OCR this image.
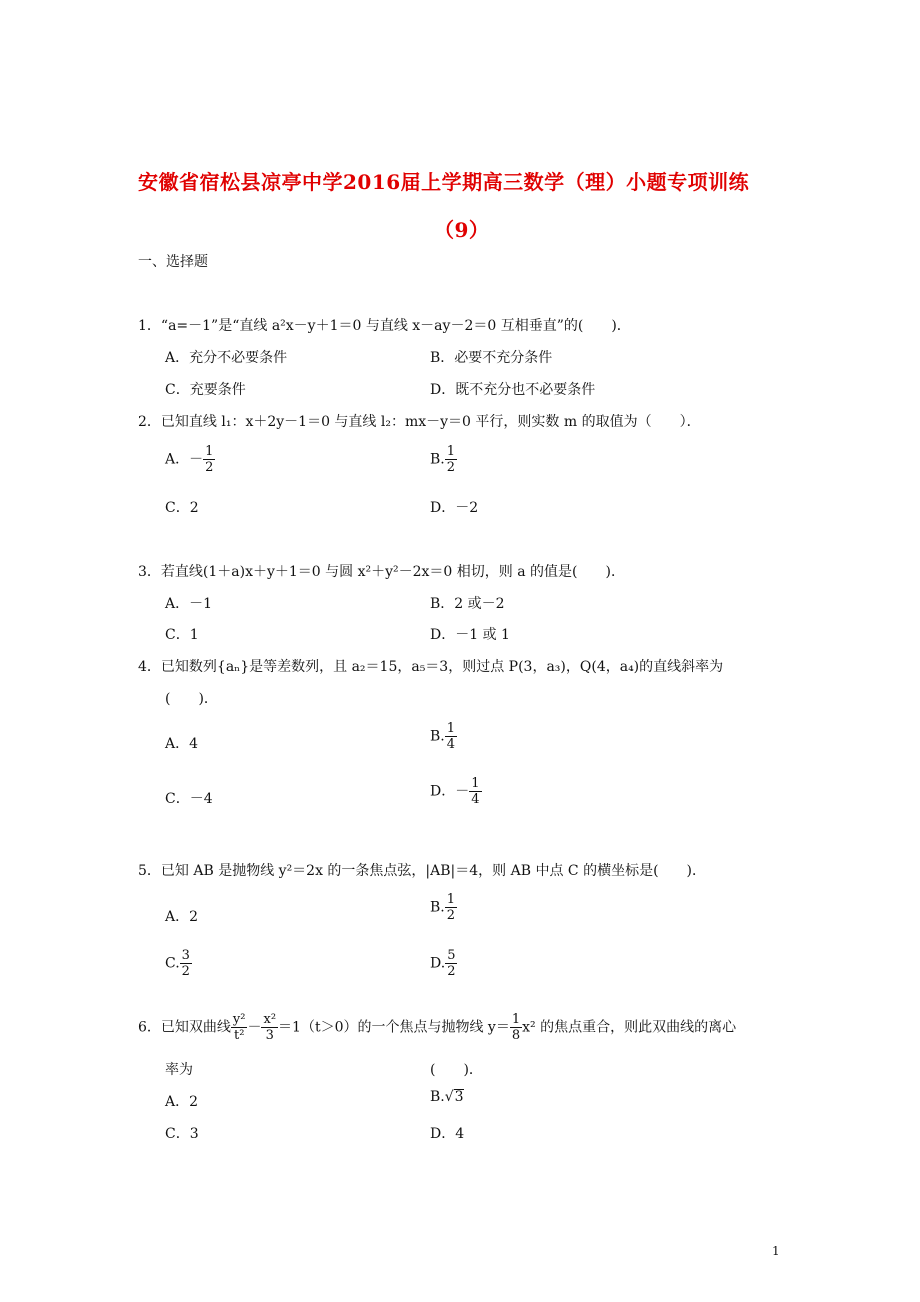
安徽省宿松县凉亭中学2016届上学期高三数学（理）小题专项训练
（9）
一、选择题
1．“a=－1”是“直线 a²x－y＋1＝0 与直线 x－ay－2＝0 互相垂直”的(　　)．
A．充分不必要条件	B．必要不充分条件
C．充要条件	D．既不充分也不必要条件
2．已知直线 l₁：x＋2y－1＝0 与直线 l₂：mx－y＝0 平行，则实数 m 的取值为（　　）．
A．－ $\frac{1}{2}$	B. $\frac{1}{2}$
C．2	D．－2
3．若直线(1＋a)x＋y＋1＝0 与圆 x²＋y²－2x＝0 相切，则 a 的值是(　　)．
A．－1	B．2 或－2
C．1	D．－1 或 1
4．已知数列{aₙ}是等差数列，且 a₂＝15，a₅＝3，则过点 P(3，a₃)，Q(4，a₄)的直线斜率为
(　　)．
A．4	B. $\frac{1}{4}$
C．－4	D．－ $\frac{1}{4}$
5．已知 AB 是抛物线 y²＝2x 的一条焦点弦，|AB|＝4，则 AB 中点 C 的横坐标是(　　)．
A．2
B. $\frac{1}{2}$
C. $\frac{3}{2}$	D. $\frac{5}{2}$
6．已知双曲线 $\frac{\text{y²}}{\text{t²}} - \frac{\text{x²}}{3} =1(t>0)$的一个焦点与抛物线 $y= \frac{1}{8} x^2$ 的焦点重合，则此双曲线的离心
率为	(　　)．
A．2	B.√3
C．3	D．4
1
